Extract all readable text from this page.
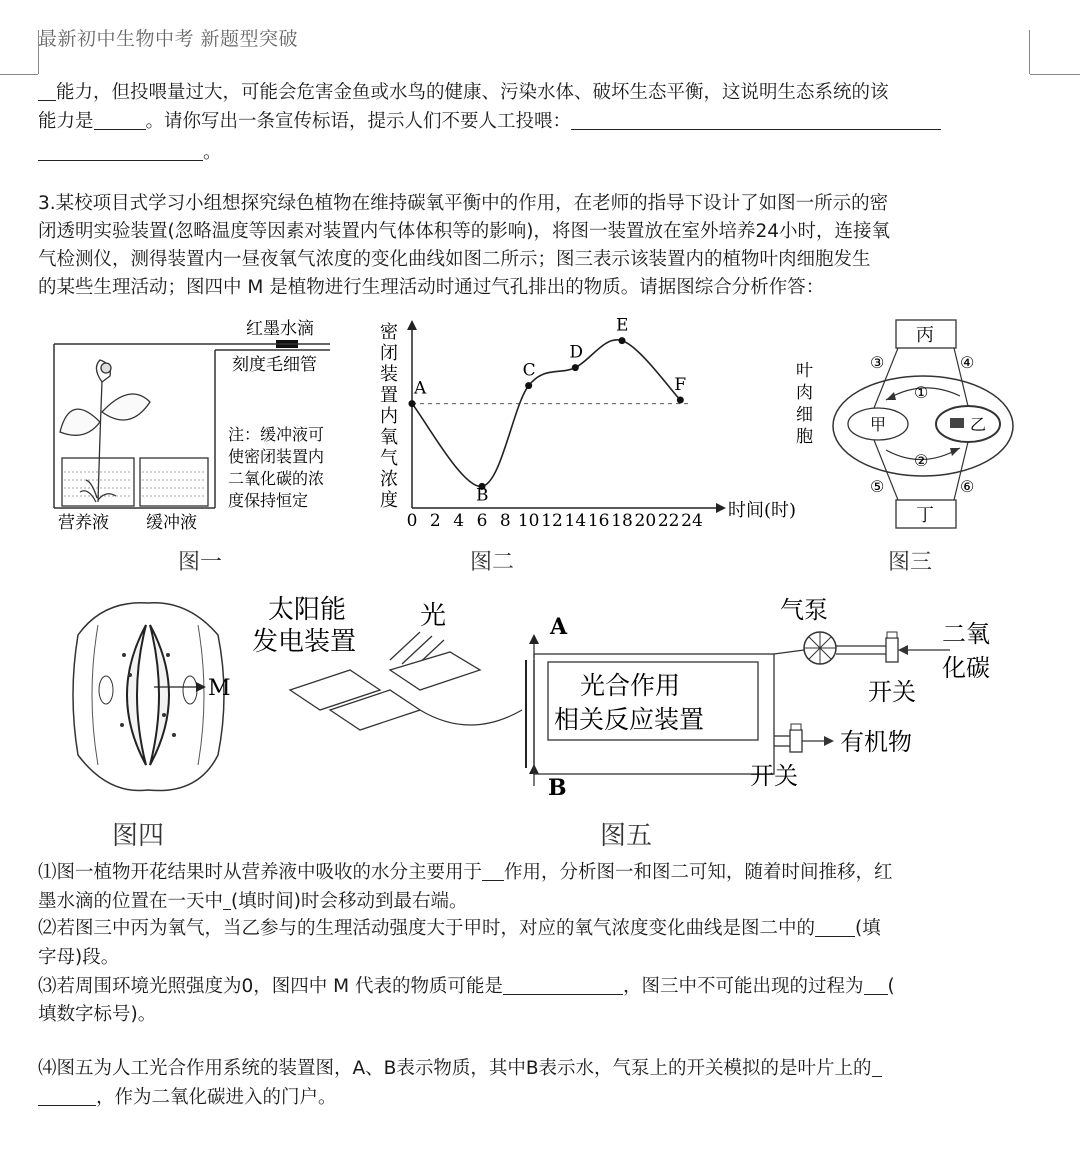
最新初中生物中考 新题型突破
能力，但投喂量过大，可能会危害金鱼或水鸟的健康、污染水体、破坏生态平衡，这说明生态系统的该
能力是	。请你写出一条宣传标语，提示人们不要人工投喂：
。
3.某校项目式学习小组想探究绿色植物在维持碳氧平衡中的作用，在老师的指导下设计了如图一所示的密
闭透明实验装置(忽略温度等因素对装置内气体体积等的影响)，将图一装置放在室外培养24小时，连接氧
气检测仪，测得装置内一昼夜氧气浓度的变化曲线如图二所示；图三表示该装置内的植物叶肉细胞发生
的某些生理活动；图四中 M 是植物进行生理活动时通过气孔排出的物质。请据图综合分析作答：
红墨水滴
刻度毛细管
注：缓冲液可
使密闭装置内
二氧化碳的浓
度保持恒定
营养液 缓冲液
图一
密
闭
装
置
内
氧
气
浓
度
0 2 4 6 8 10 12 14 16 18 20 22 24
A
B
C
D
E
F
时间(时)
图二
丙
丁
叶
肉
细
胞
甲	乙
①
②
③	④
⑤	⑥
图三
M
图四
太阳能
发电装置
光	A
B
光合作用
相关反应装置
气泵
二氧
化碳
开关
有机物
开关
图五
⑴图一植物开花结果时从营养液中吸收的水分主要用于 作用，分析图一和图二可知，随着时间推移，红
墨水滴的位置在一天中 (填时间)时会移动到最右端。
⑵若图三中丙为氧气，当乙参与的生理活动强度大于甲时，对应的氧气浓度变化曲线是图二中的 (填
字母)段。
⑶若周围环境光照强度为0，图四中 M 代表的物质可能是	，图三中不可能出现的过程为 (
填数字标号)。
⑷图五为人工光合作用系统的装置图，A、B表示物质，其中B表示水，气泵上的开关模拟的是叶片上的
，作为二氧化碳进入的门户。
